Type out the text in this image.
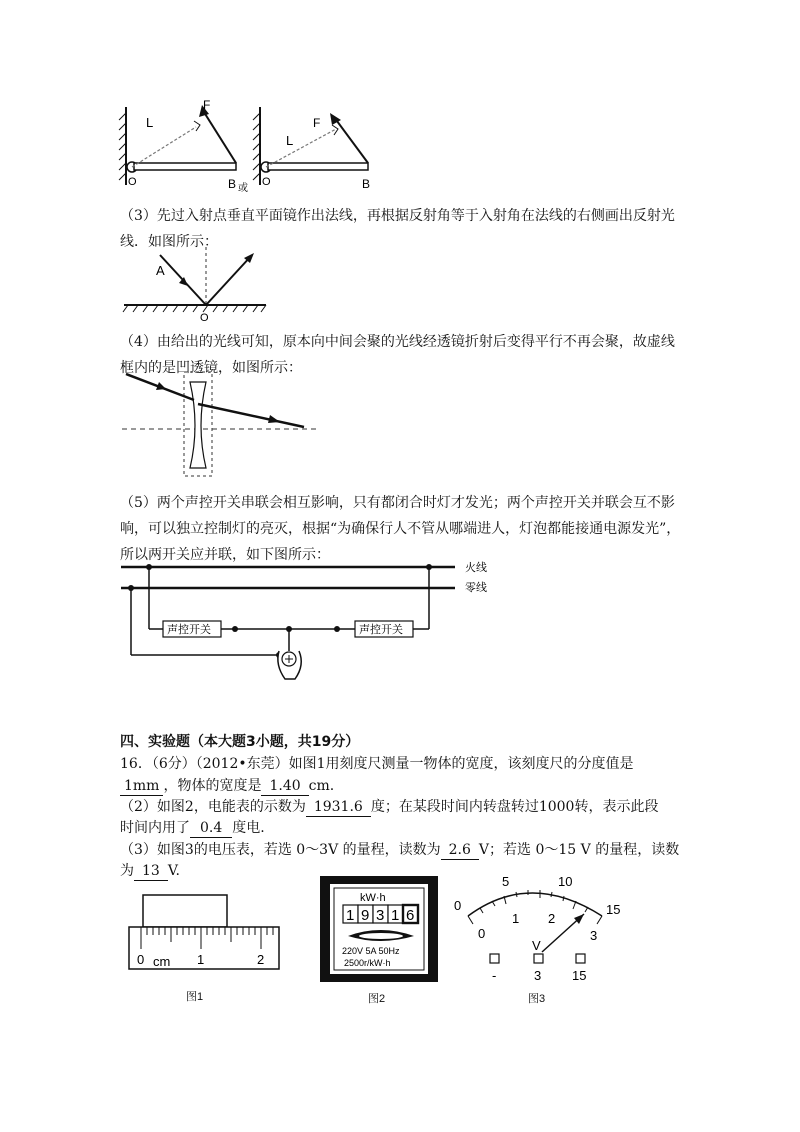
L
F
O	B 或
L
F
O	B
（3）先过入射点垂直平面镜作出法线，再根据反射角等于入射角在法线的右侧画出反射光线．如图所示：
A
O
（4）由给出的光线可知，原本向中间会聚的光线经透镜折射后变得平行不再会聚，故虚线框内的是凹透镜，如图所示：
（5）两个声控开关串联会相互影响，只有都闭合时灯才发光；两个声控开关并联会互不影响，可以独立控制灯的亮灭，根据“为确保行人不管从哪端进人，灯泡都能接通电源发光”，所以两开关应并联，如下图所示：
火线
零线
声控开关	声控开关
四、实验题（本大题3小题，共19分）
16．（6分）（2012•东莞）如图1用刻度尺测量一物体的宽度，该刻度尺的分度值是
1mm ，物体的宽度是 1.40 cm.
（2）如图2，电能表的示数为 1931.6 度；在某段时间内转盘转过1000转，表示此段
时间内用了 0.4 度电.
（3）如图3的电压表，若选 0～3V 的量程，读数为 2.6 V；若选 0～15 V 的量程，读数
为 13 V.
0 cm 1	2
图1
kW·h
1 9 3 1 6
220V 5A 50Hz
2500r/kW·h
图2
0
5	10
15
0
1 2
3
V
-	3 15
图3
